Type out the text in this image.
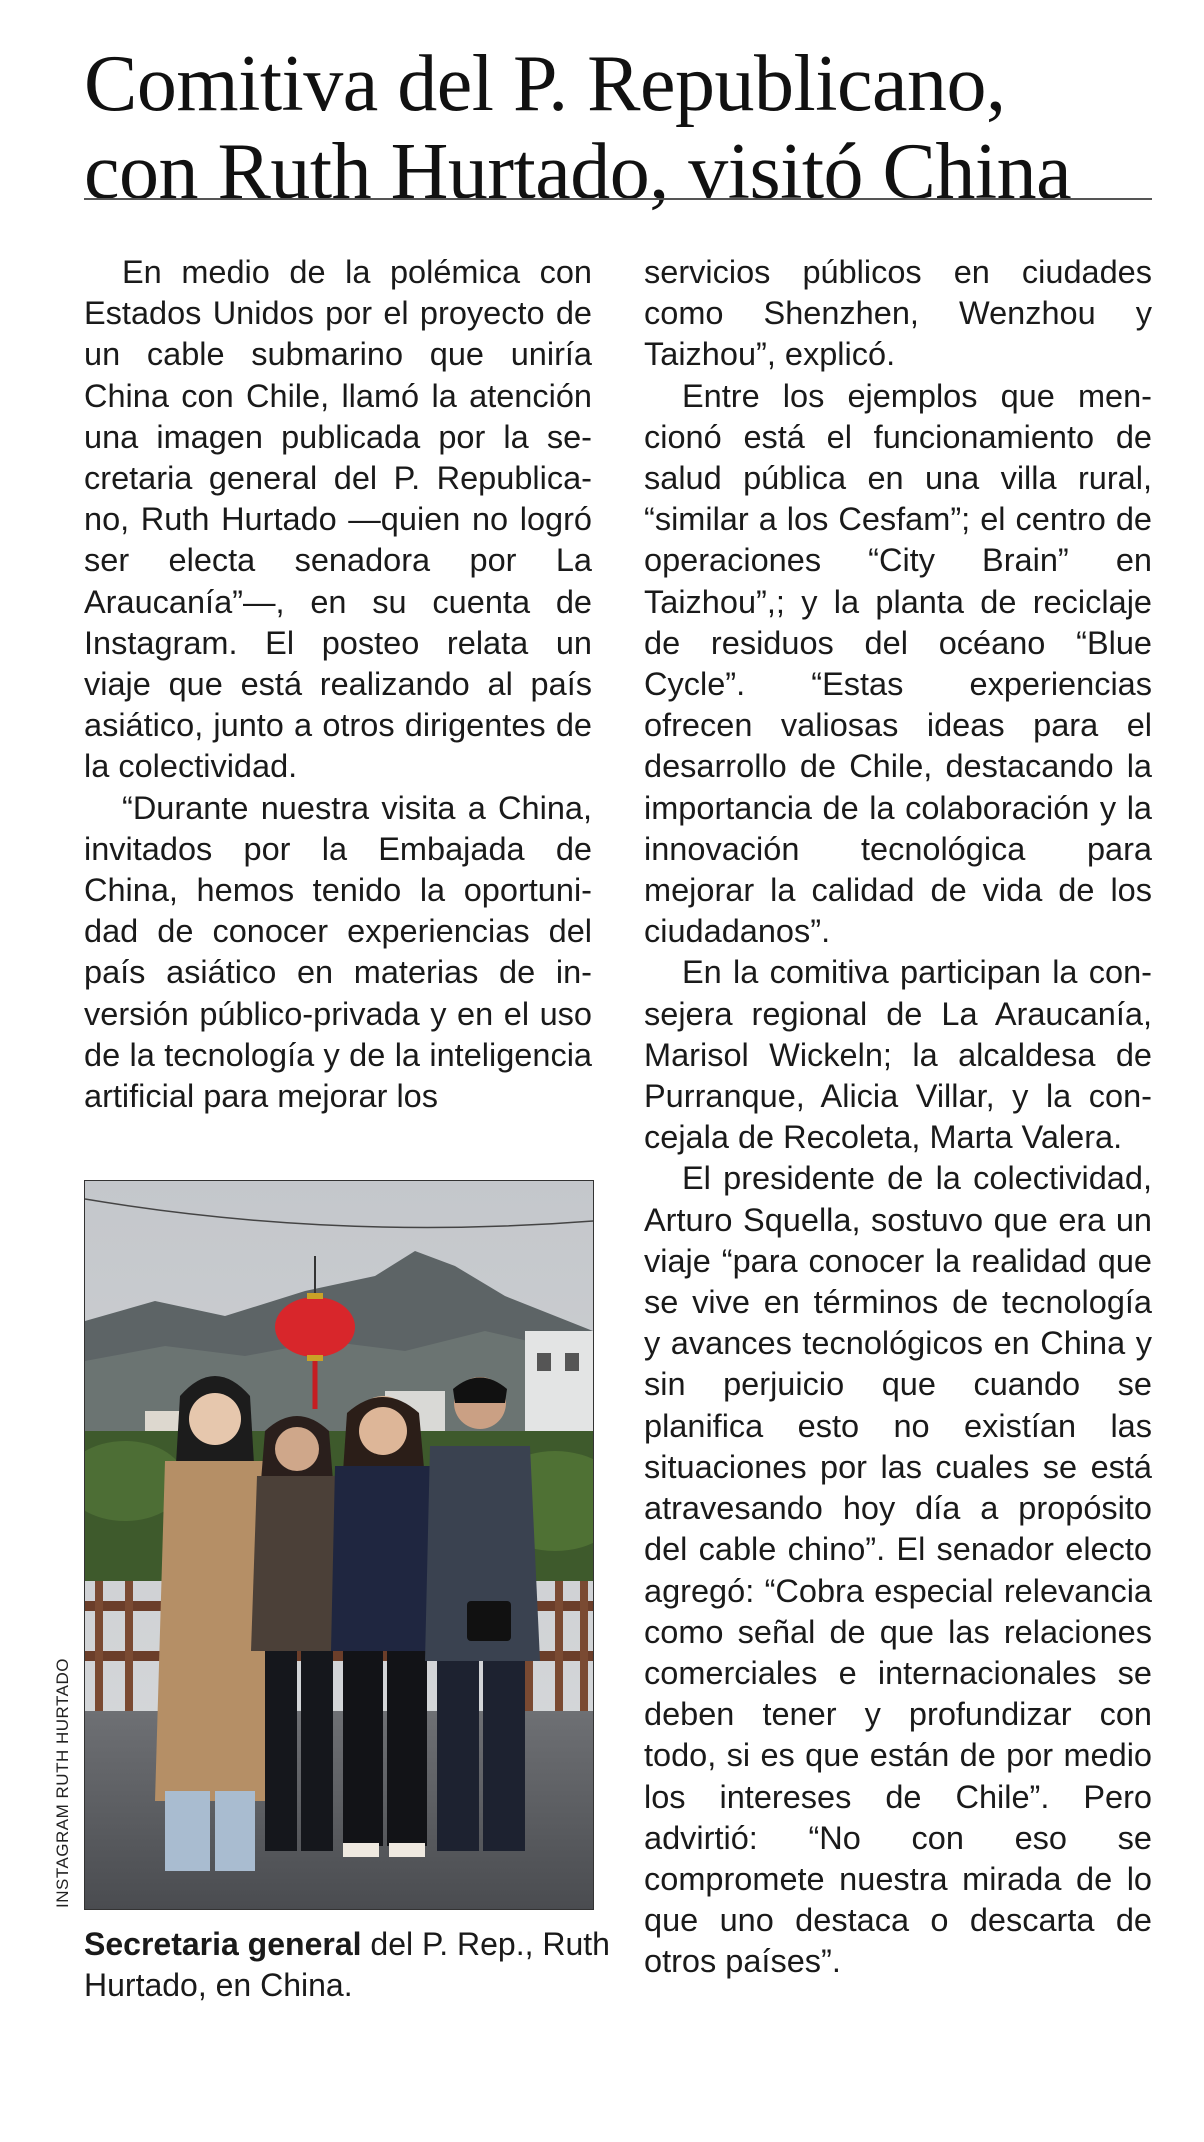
Comitiva del P. Republicano,
con Ruth Hurtado, visitó China

En medio de la polémica con Estados Unidos por el proyecto de un cable submarino que uniría China con Chile, llamó la atención una imagen publicada por la secretaria general del P. Republicano, Ruth Hurtado —quien no logró ser electa senadora por La Araucanía”—, en su cuenta de Instagram. El posteo relata un viaje que está realizando al país asiático, junto a otros dirigentes de la colectividad.

“Durante nuestra visita a China, invitados por la Embajada de China, hemos tenido la oportunidad de conocer experiencias del país asiático en materias de inversión público-privada y en el uso de la tecnología y de la inteligencia artificial para mejorar los

servicios públicos en ciudades como Shenzhen, Wenzhou y Taizhou”, explicó.

Entre los ejemplos que mencionó está el funcionamiento de salud pública en una villa rural, “similar a los Cesfam”; el centro de operaciones “City Brain” en Taizhou”,; y la planta de reciclaje de residuos del océano “Blue Cycle”. “Estas experiencias ofrecen valiosas ideas para el desarrollo de Chile, destacando la importancia de la colaboración y la innovación tecnológica para mejorar la calidad de vida de los ciudadanos”.

En la comitiva participan la consejera regional de La Araucanía, Marisol Wickeln; la alcaldesa de Purranque, Alicia Villar, y la concejala de Recoleta, Marta Valera.

El presidente de la colectividad, Arturo Squella, sostuvo que era un viaje “para conocer la realidad que se vive en términos de tecnología y avances tecnológicos en China y sin perjuicio que cuando se planifica esto no existían las situaciones por las cuales se está atravesando hoy día a propósito del cable chino”. El senador electo agregó: “Cobra especial relevancia como señal de que las relaciones comerciales e internacionales se deben tener y profundizar con todo, si es que están de por medio los intereses de Chile”. Pero advirtió: “No con eso se compromete nuestra mirada de lo que uno destaca o descarta de otros países”.

INSTAGRAM RUTH HURTADO

Secretaria general del P. Rep., Ruth Hurtado, en China.
